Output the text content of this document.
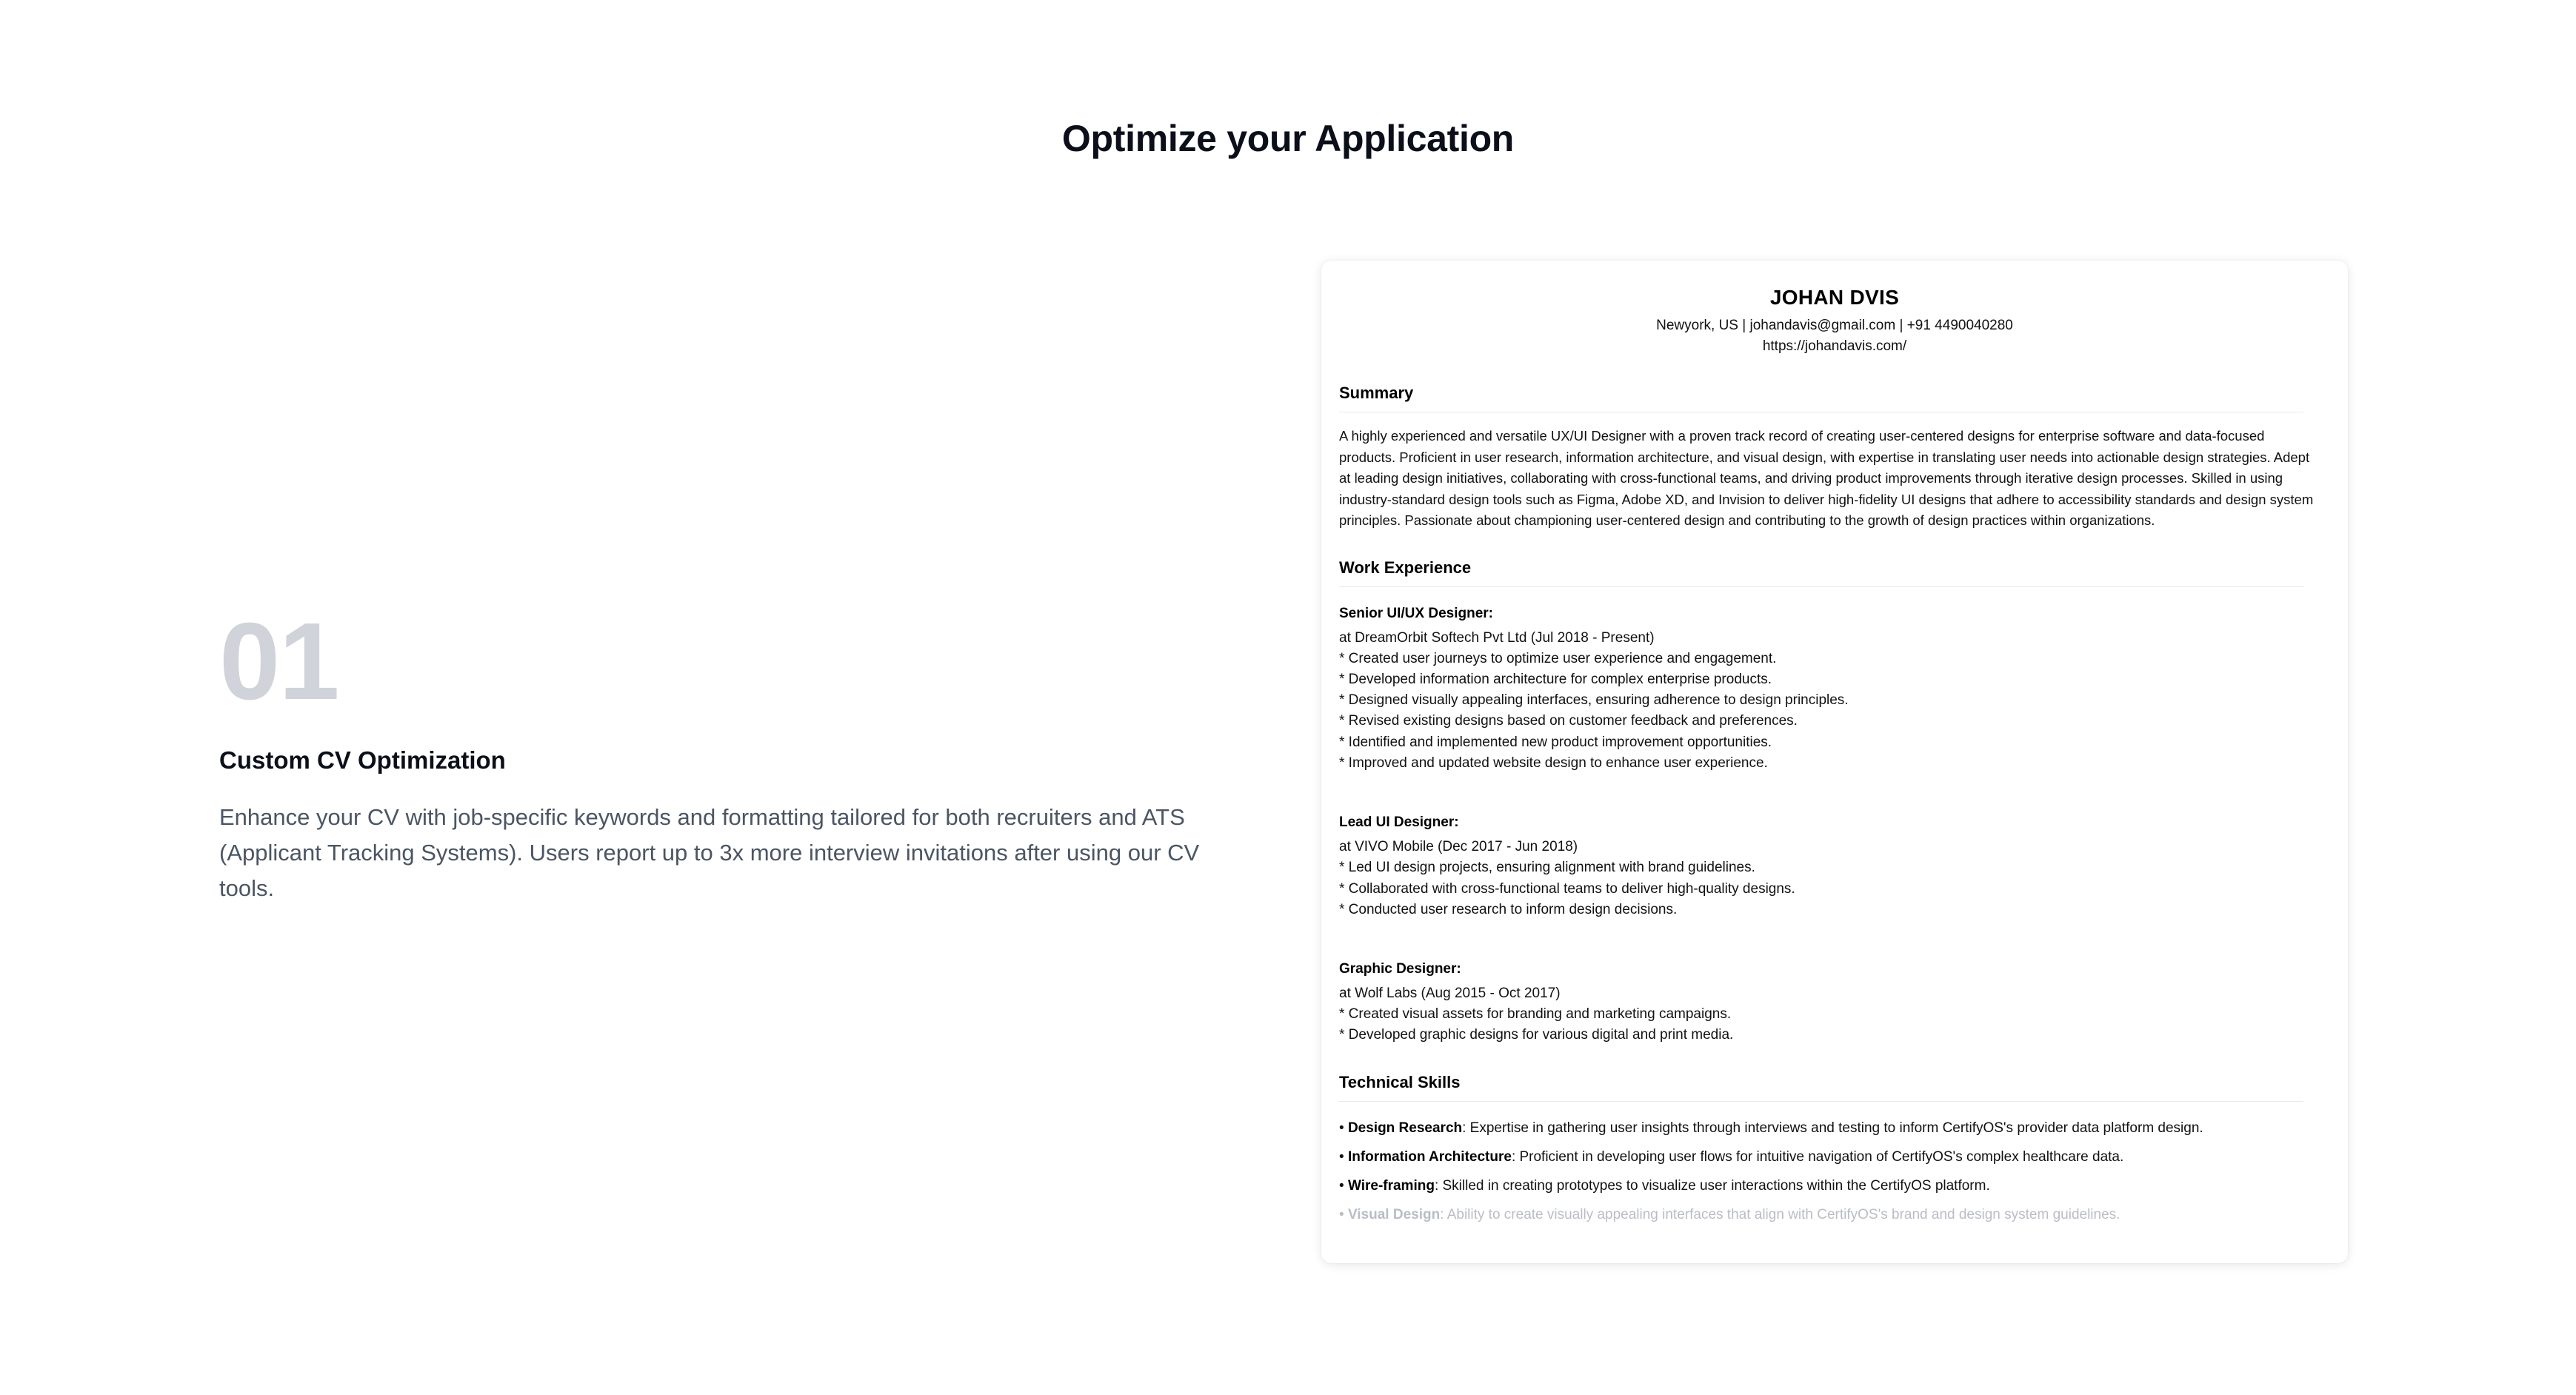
Optimize your Application
01
Custom CV Optimization

Enhance your CV with job-specific keywords and formatting tailored for both recruiters and ATS (Applicant Tracking Systems). Users report up to 3x more interview invitations after using our CV tools.

JOHAN DVIS
Newyork, US | johandavis@gmail.com | +91 4490040280
https://johandavis.com/
Summary

A highly experienced and versatile UX/UI Designer with a proven track record of creating user-centered designs for enterprise software and data-focused products. Proficient in user research, information architecture, and visual design, with expertise in translating user needs into actionable design strategies. Adept at leading design initiatives, collaborating with cross-functional teams, and driving product improvements through iterative design processes. Skilled in using industry-standard design tools such as Figma, Adobe XD, and Invision to deliver high-fidelity UI designs that adhere to accessibility standards and design system principles. Passionate about championing user-centered design and contributing to the growth of design practices within organizations.

Work Experience
Senior UI/UX Designer:
at DreamOrbit Softech Pvt Ltd (Jul 2018 - Present)
* Created user journeys to optimize user experience and engagement.
* Developed information architecture for complex enterprise products.
* Designed visually appealing interfaces, ensuring adherence to design principles.
* Revised existing designs based on customer feedback and preferences.
* Identified and implemented new product improvement opportunities.
* Improved and updated website design to enhance user experience.
Lead UI Designer:
at VIVO Mobile (Dec 2017 - Jun 2018)
* Led UI design projects, ensuring alignment with brand guidelines.
* Collaborated with cross-functional teams to deliver high-quality designs.
* Conducted user research to inform design decisions.
Graphic Designer:
at Wolf Labs (Aug 2015 - Oct 2017)
* Created visual assets for branding and marketing campaigns.
* Developed graphic designs for various digital and print media.
Technical Skills
• Design Research: Expertise in gathering user insights through interviews and testing to inform CertifyOS's provider data platform design.
• Information Architecture: Proficient in developing user flows for intuitive navigation of CertifyOS's complex healthcare data.
• Wire-framing: Skilled in creating prototypes to visualize user interactions within the CertifyOS platform.
• Visual Design: Ability to create visually appealing interfaces that align with CertifyOS's brand and design system guidelines.
